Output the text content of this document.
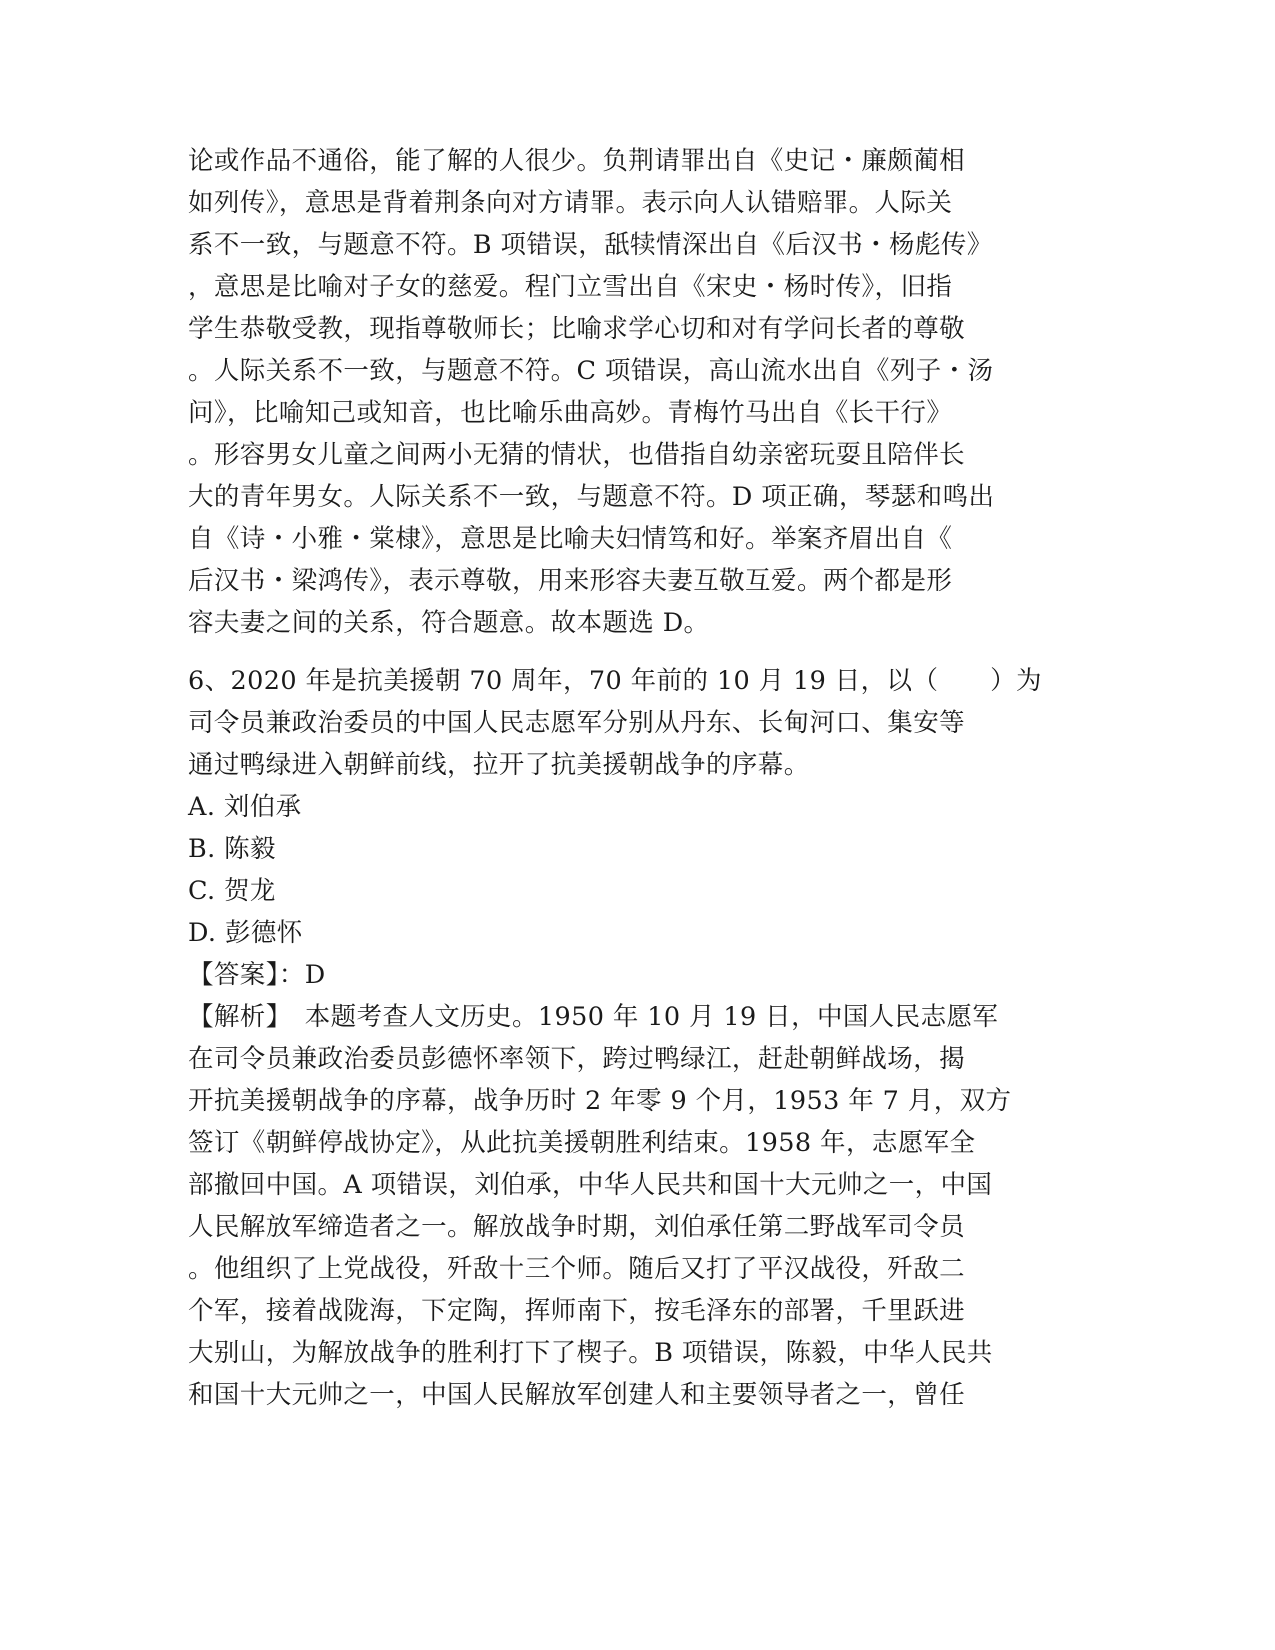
论或作品不通俗，能了解的人很少。负荆请罪出自《史记・廉颇蔺相
如列传》，意思是背着荆条向对方请罪。表示向人认错赔罪。人际关
系不一致，与题意不符。B 项错误，舐犊情深出自《后汉书・杨彪传》
，意思是比喻对子女的慈爱。程门立雪出自《宋史・杨时传》，旧指
学生恭敬受教，现指尊敬师长；比喻求学心切和对有学问长者的尊敬
。人际关系不一致，与题意不符。C 项错误，高山流水出自《列子・汤
问》，比喻知己或知音，也比喻乐曲高妙。青梅竹马出自《长干行》
。形容男女儿童之间两小无猜的情状，也借指自幼亲密玩耍且陪伴长
大的青年男女。人际关系不一致，与题意不符。D 项正确，琴瑟和鸣出
自《诗・小雅・棠棣》，意思是比喻夫妇情笃和好。举案齐眉出自《
后汉书・梁鸿传》，表示尊敬，用来形容夫妻互敬互爱。两个都是形
容夫妻之间的关系，符合题意。故本题选 D。
6、2020 年是抗美援朝 70 周年，70 年前的 10 月 19 日，以（　　）为
司令员兼政治委员的中国人民志愿军分别从丹东、长甸河口、集安等
通过鸭绿进入朝鲜前线，拉开了抗美援朝战争的序幕。
A. 刘伯承
B. 陈毅
C. 贺龙
D. 彭德怀
【答案】：D
【解析】　本题考查人文历史。1950 年 10 月 19 日，中国人民志愿军
在司令员兼政治委员彭德怀率领下，跨过鸭绿江，赶赴朝鲜战场，揭
开抗美援朝战争的序幕，战争历时 2 年零 9 个月，1953 年 7 月，双方
签订《朝鲜停战协定》，从此抗美援朝胜利结束。1958 年，志愿军全
部撤回中国。A 项错误，刘伯承，中华人民共和国十大元帅之一，中国
人民解放军缔造者之一。解放战争时期，刘伯承任第二野战军司令员
。他组织了上党战役，歼敌十三个师。随后又打了平汉战役，歼敌二
个军，接着战陇海，下定陶，挥师南下，按毛泽东的部署，千里跃进
大别山，为解放战争的胜利打下了楔子。B 项错误，陈毅，中华人民共
和国十大元帅之一，中国人民解放军创建人和主要领导者之一，曾任
